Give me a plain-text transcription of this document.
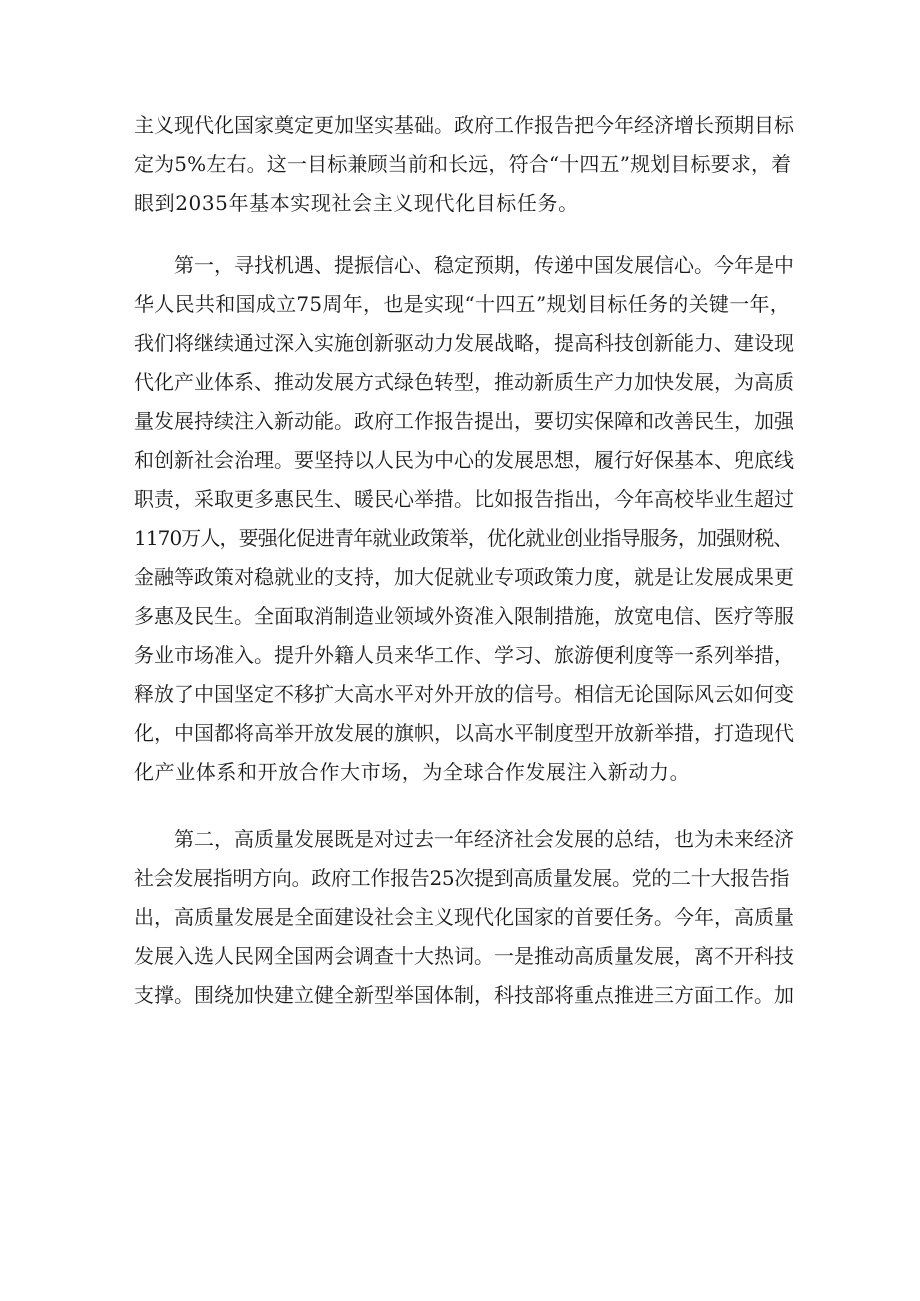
主义现代化国家奠定更加坚实基础。政府工作报告把今年经济增长预期目标
定为5%左右。这一目标兼顾当前和长远，符合“十四五”规划目标要求，着
眼到2035年基本实现社会主义现代化目标任务。
第一，寻找机遇、提振信心、稳定预期，传递中国发展信心。今年是中
华人民共和国成立75周年，也是实现“十四五”规划目标任务的关键一年，
我们将继续通过深入实施创新驱动力发展战略，提高科技创新能力、建设现
代化产业体系、推动发展方式绿色转型，推动新质生产力加快发展，为高质
量发展持续注入新动能。政府工作报告提出，要切实保障和改善民生，加强
和创新社会治理。要坚持以人民为中心的发展思想，履行好保基本、兜底线
职责，采取更多惠民生、暖民心举措。比如报告指出，今年高校毕业生超过
1170万人，要强化促进青年就业政策举，优化就业创业指导服务，加强财税、
金融等政策对稳就业的支持，加大促就业专项政策力度，就是让发展成果更
多惠及民生。全面取消制造业领域外资准入限制措施，放宽电信、医疗等服
务业市场准入。提升外籍人员来华工作、学习、旅游便利度等一系列举措，
释放了中国坚定不移扩大高水平对外开放的信号。相信无论国际风云如何变
化，中国都将高举开放发展的旗帜，以高水平制度型开放新举措，打造现代
化产业体系和开放合作大市场，为全球合作发展注入新动力。
第二，高质量发展既是对过去一年经济社会发展的总结，也为未来经济
社会发展指明方向。政府工作报告25次提到高质量发展。党的二十大报告指
出，高质量发展是全面建设社会主义现代化国家的首要任务。今年，高质量
发展入选人民网全国两会调查十大热词。一是推动高质量发展，离不开科技
支撑。围绕加快建立健全新型举国体制，科技部将重点推进三方面工作。加
